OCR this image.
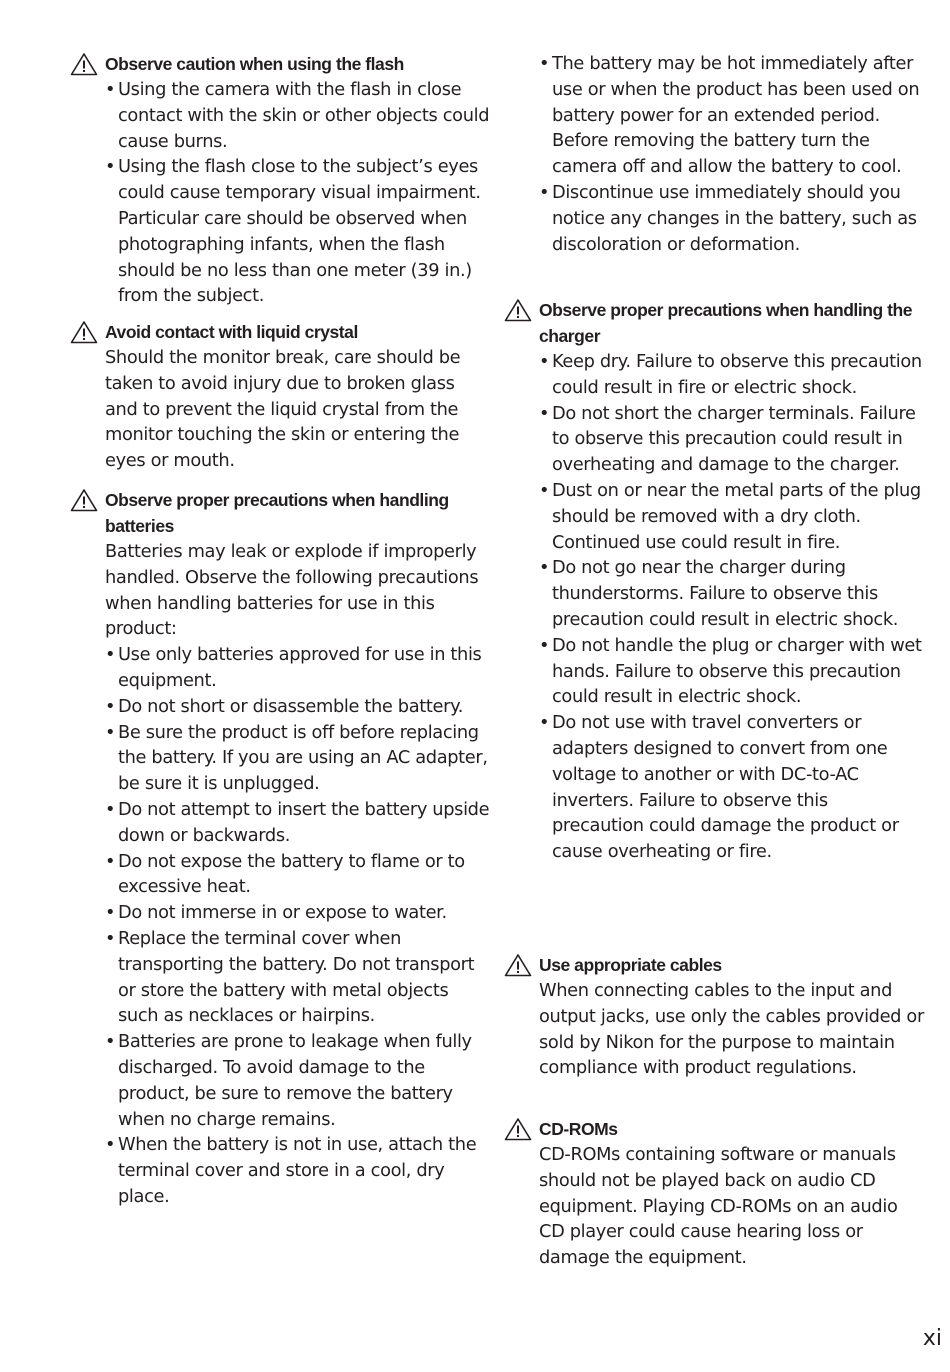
Observe caution when using the flash
• Using the camera with the flash in close contact with the skin or other objects could cause burns.
• Using the flash close to the subject’s eyes could cause temporary visual impairment. Particular care should be observed when photographing infants, when the flash should be no less than one meter (39 in.) from the subject.
Avoid contact with liquid crystal

Should the monitor break, care should be taken to avoid injury due to broken glass and to prevent the liquid crystal from the monitor touching the skin or entering the eyes or mouth.

Observe proper precautions when handling batteries

Batteries may leak or explode if improperly handled. Observe the following precautions when handling batteries for use in this product:

• Use only batteries approved for use in this equipment.
• Do not short or disassemble the battery.
• Be sure the product is off before replacing the battery. If you are using an AC adapter, be sure it is unplugged.
• Do not attempt to insert the battery upside down or backwards.
• Do not expose the battery to flame or to excessive heat.
• Do not immerse in or expose to water.
• Replace the terminal cover when transporting the battery. Do not transport or store the battery with metal objects such as necklaces or hairpins.
• Batteries are prone to leakage when fully discharged. To avoid damage to the product, be sure to remove the battery when no charge remains.
• When the battery is not in use, attach the terminal cover and store in a cool, dry place.
• The battery may be hot immediately after use or when the product has been used on battery power for an extended period. Before removing the battery turn the camera off and allow the battery to cool.
• Discontinue use immediately should you notice any changes in the battery, such as discoloration or deformation.
Observe proper precautions when handling the charger
• Keep dry. Failure to observe this precaution could result in fire or electric shock.
• Do not short the charger terminals. Failure to observe this precaution could result in overheating and damage to the charger.
• Dust on or near the metal parts of the plug should be removed with a dry cloth. Continued use could result in fire.
• Do not go near the charger during thunderstorms. Failure to observe this precaution could result in electric shock.
• Do not handle the plug or charger with wet hands. Failure to observe this precaution could result in electric shock.
• Do not use with travel converters or adapters designed to convert from one voltage to another or with DC-to-AC inverters. Failure to observe this precaution could damage the product or cause overheating or fire.
Use appropriate cables

When connecting cables to the input and output jacks, use only the cables provided or sold by Nikon for the purpose to maintain compliance with product regulations.

CD-ROMs

CD-ROMs containing software or manuals should not be played back on audio CD equipment. Playing CD-ROMs on an audio CD player could cause hearing loss or damage the equipment.

xi
